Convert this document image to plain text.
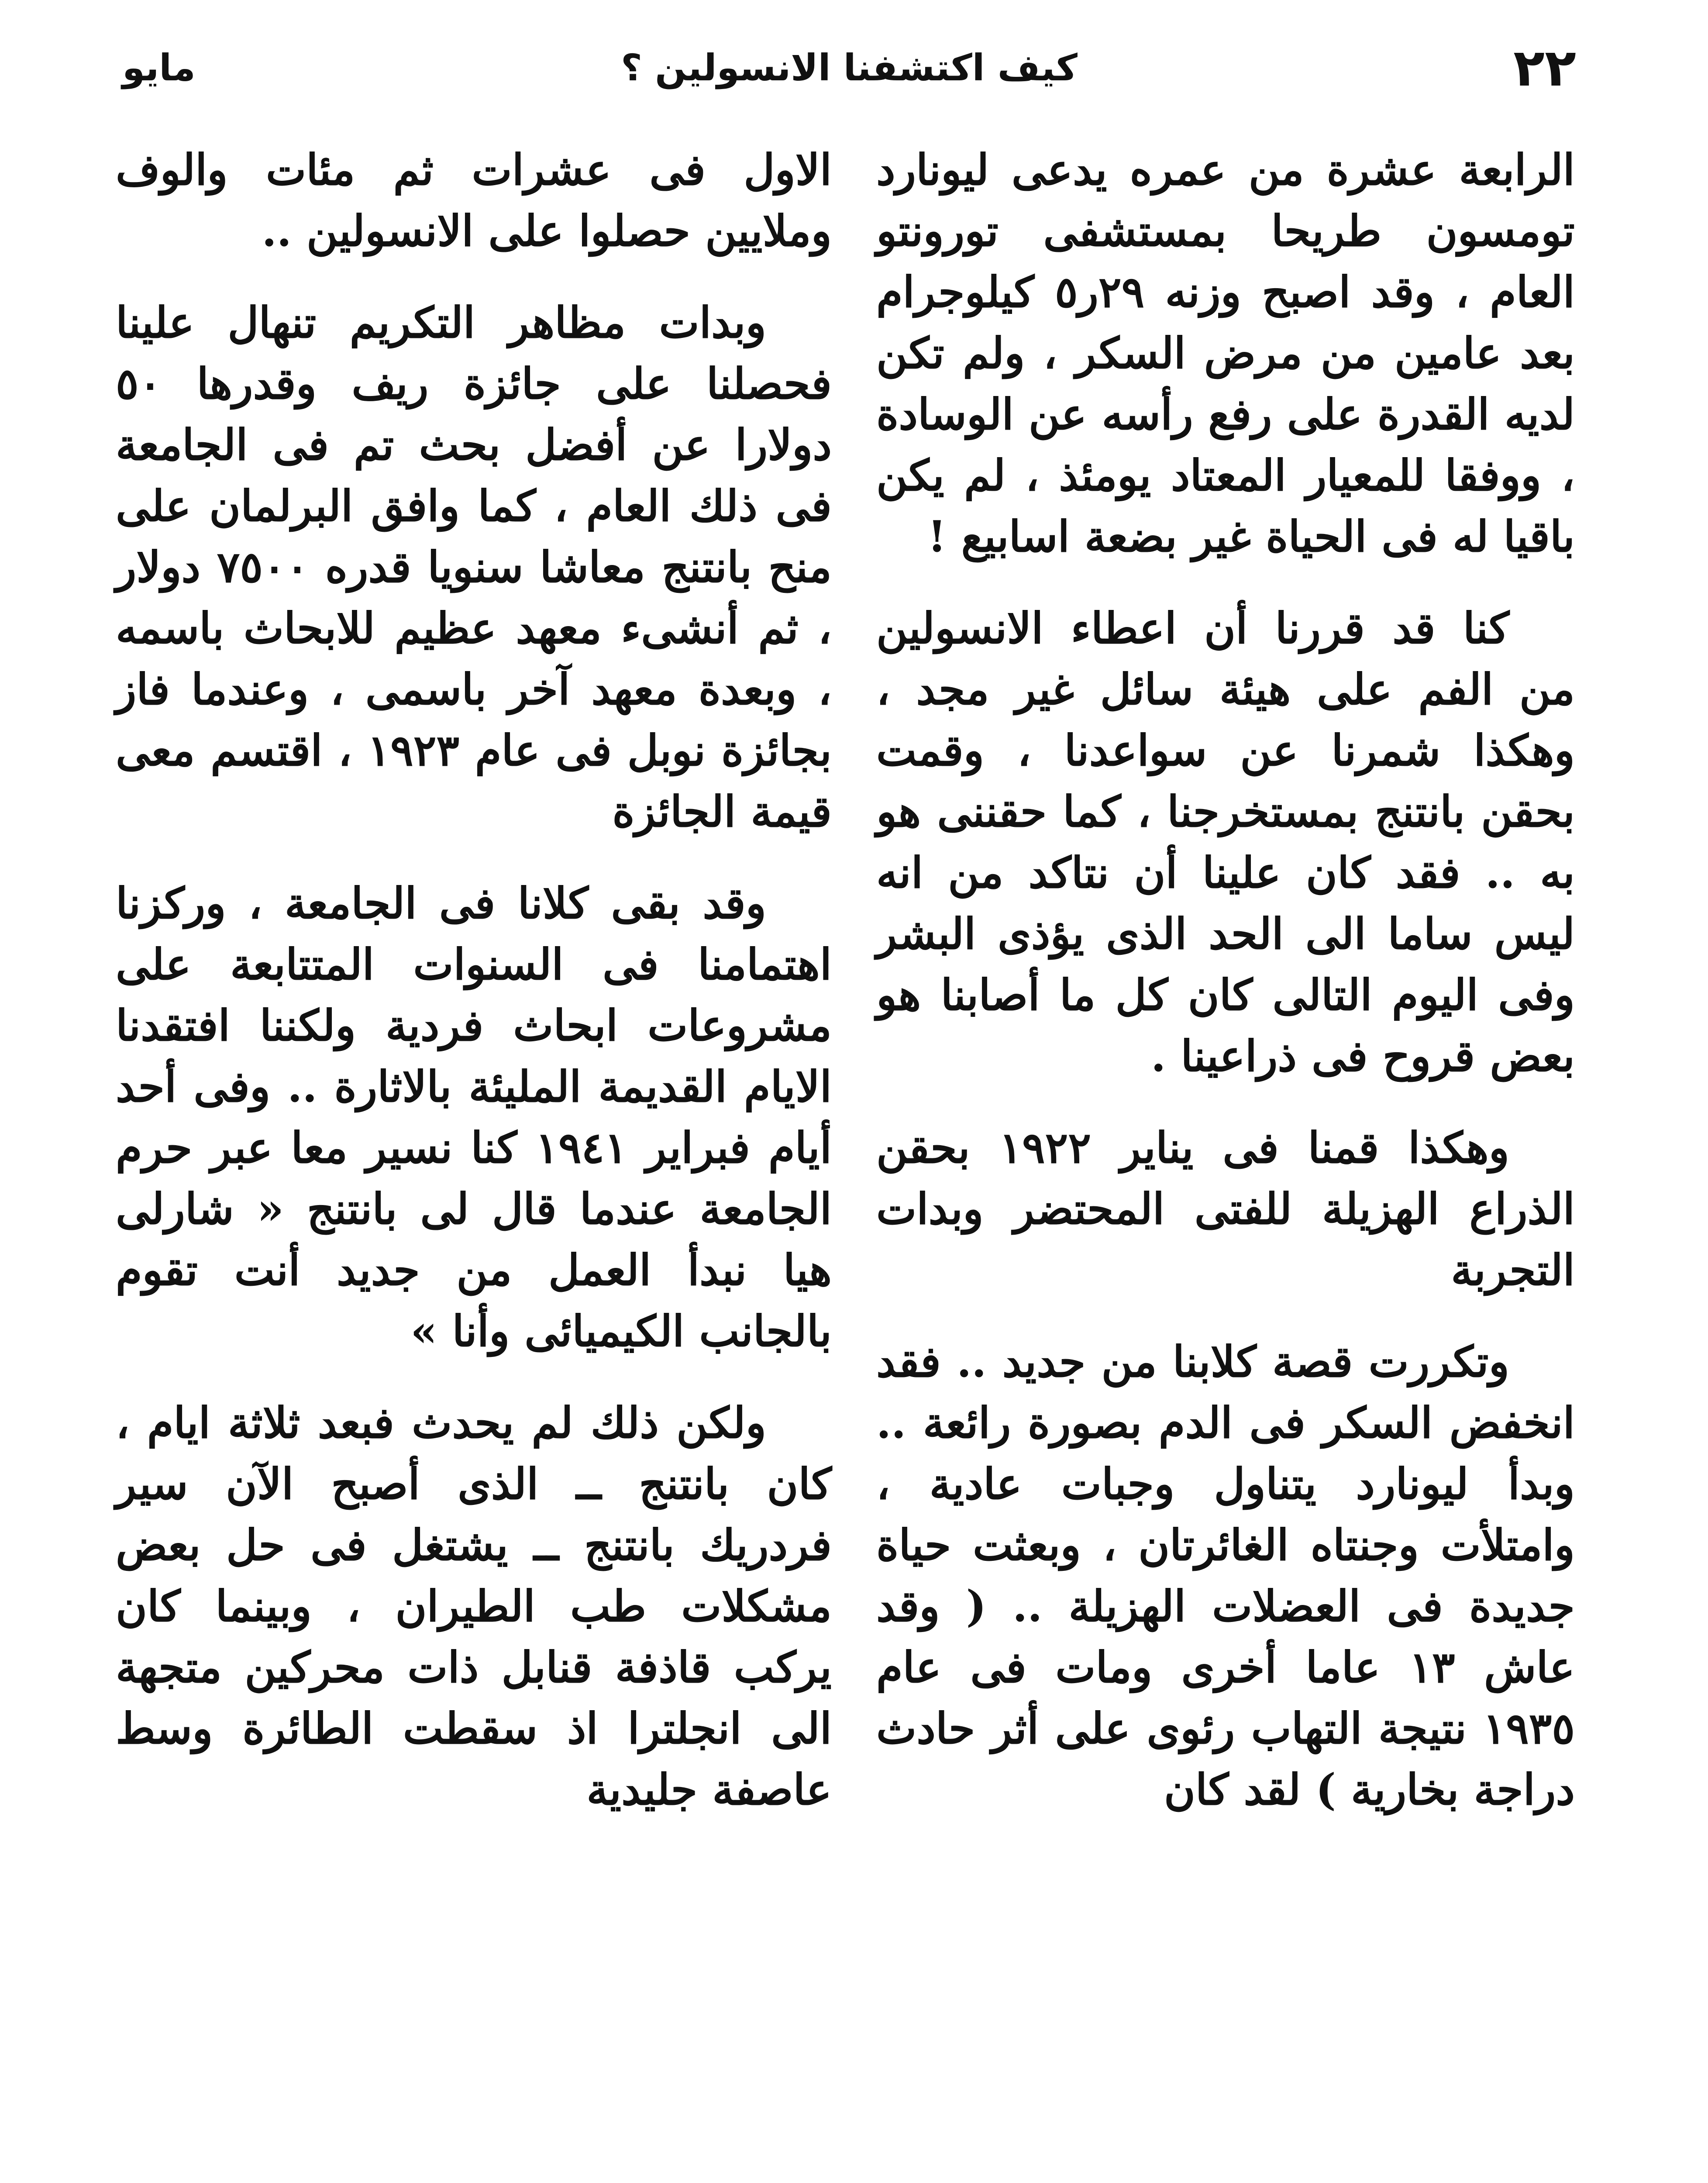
٢٢
كيف اكتشفنا الانسولين ؟
مايو

الرابعة عشرة من عمره يدعى ليونارد تومسون طريحا بمستشفى تورونتو العام ، وقد اصبح وزنه ٢٩ر٥ كيلوجرام بعد عامين من مرض السكر ، ولم تكن لديه القدرة على رفع رأسه عن الوسادة ، ووفقا للمعيار المعتاد يومئذ ، لم يكن باقيا له فى الحياة غير بضعة اسابيع !

كنا قد قررنا أن اعطاء الانسولين من الفم على هيئة سائل غير مجد ، وهكذا شمرنا عن سواعدنا ، وقمت بحقن بانتنج بمستخرجنا ، كما حقننى هو به .. فقد كان علينا أن نتاكد من انه ليس ساما الى الحد الذى يؤذى البشر وفى اليوم التالى كان كل ما أصابنا هو بعض قروح فى ذراعينا .

وهكذا قمنا فى يناير ١٩٢٢ بحقن الذراع الهزيلة للفتى المحتضر وبدات التجربة

وتكررت قصة كلابنا من جديد .. فقد انخفض السكر فى الدم بصورة رائعة .. وبدأ ليونارد يتناول وجبات عادية ، وامتلأت وجنتاه الغائرتان ، وبعثت حياة جديدة فى العضلات الهزيلة .. ( وقد عاش ١٣ عاما أخرى ومات فى عام ١٩٣٥ نتيجة التهاب رئوى على أثر حادث دراجة بخارية ) لقد كان

الاول فى عشرات ثم مئات والوف وملايين حصلوا على الانسولين ..

وبدات مظاهر التكريم تنهال علينا فحصلنا على جائزة ريف وقدرها ٥٠ دولارا عن أفضل بحث تم فى الجامعة فى ذلك العام ، كما وافق البرلمان على منح بانتنج معاشا سنويا قدره ٧٥٠٠ دولار ، ثم أنشىء معهد عظيم للابحاث باسمه ، وبعدة معهد آخر باسمى ، وعندما فاز بجائزة نوبل فى عام ١٩٢٣ ، اقتسم معى قيمة الجائزة

وقد بقى كلانا فى الجامعة ، وركزنا اهتمامنا فى السنوات المتتابعة على مشروعات ابحاث فردية ولكننا افتقدنا الايام القديمة المليئة بالاثارة .. وفى أحد أيام فبراير ١٩٤١ كنا نسير معا عبر حرم الجامعة عندما قال لى بانتنج « شارلى هيا نبدأ العمل من جديد أنت تقوم بالجانب الكيميائى وأنا »

ولكن ذلك لم يحدث فبعد ثلاثة ايام ، كان بانتنج ــ الذى أصبح الآن سير فردريك بانتنج ــ يشتغل فى حل بعض مشكلات طب الطيران ، وبينما كان يركب قاذفة قنابل ذات محركين متجهة الى انجلترا اذ سقطت الطائرة وسط عاصفة جليدية
